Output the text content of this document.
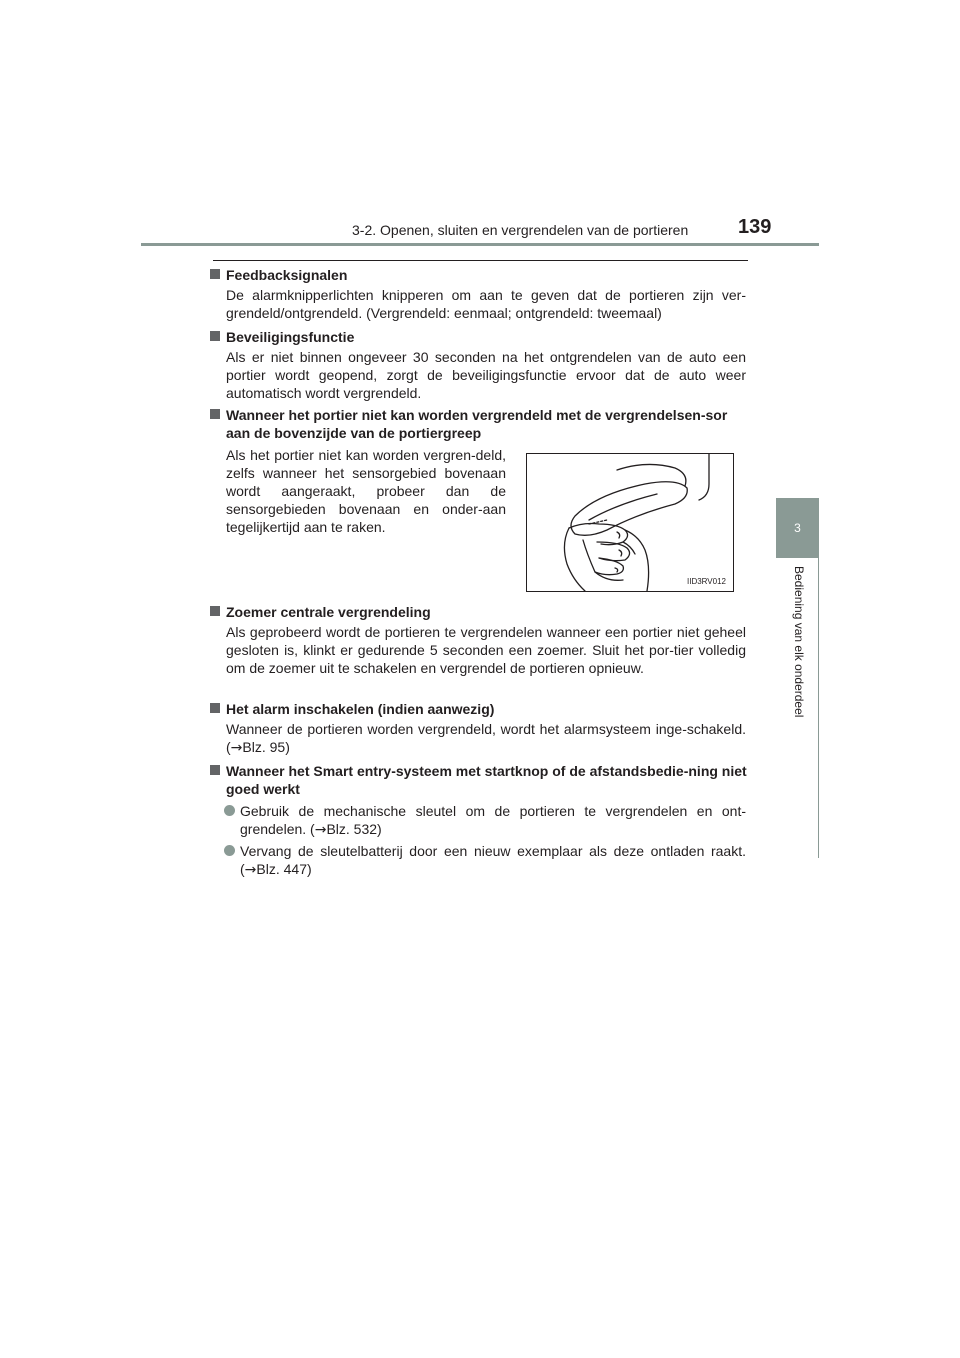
3-2. Openen, sluiten en vergrendelen van de portieren	139
3
Bediening van elk onderdeel
Feedbacksignalen
De alarmknipperlichten knipperen om aan te geven dat de portieren zijn ver-grendeld/ontgrendeld. (Vergrendeld: eenmaal; ontgrendeld: tweemaal)
Beveiligingsfunctie
Als er niet binnen ongeveer 30 seconden na het ontgrendelen van de auto een portier wordt geopend, zorgt de beveiligingsfunctie ervoor dat de auto weer automatisch wordt vergrendeld.
Wanneer het portier niet kan worden vergrendeld met de vergrendelsen-sor aan de bovenzijde van de portiergreep
Als het portier niet kan worden vergren-deld, zelfs wanneer het sensorgebied bovenaan wordt aangeraakt, probeer dan de sensorgebieden bovenaan en onder-aan tegelijkertijd aan te raken.
IID3RV012
Zoemer centrale vergrendeling
Als geprobeerd wordt de portieren te vergrendelen wanneer een portier niet geheel gesloten is, klinkt er gedurende 5 seconden een zoemer. Sluit het por-tier volledig om de zoemer uit te schakelen en vergrendel de portieren opnieuw.
Het alarm inschakelen (indien aanwezig)
Wanneer de portieren worden vergrendeld, wordt het alarmsysteem inge-schakeld. (→Blz. 95)
Wanneer het Smart entry-systeem met startknop of de afstandsbedie-ning niet goed werkt
Gebruik de mechanische sleutel om de portieren te vergrendelen en ont-grendelen. (→Blz. 532)
Vervang de sleutelbatterij door een nieuw exemplaar als deze ontladen raakt. (→Blz. 447)
